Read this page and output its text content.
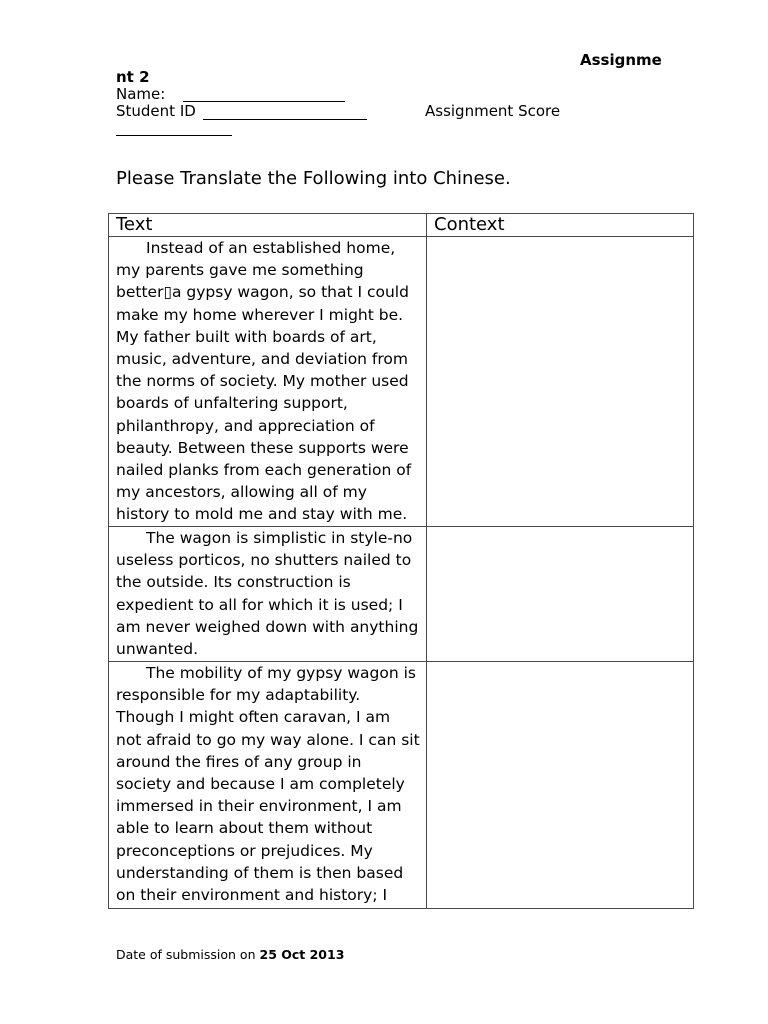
Assignme
nt 2
Name:
Student ID	Assignment Score
Please Translate the Following into Chinese.
Text	Context
Instead of an established home,
my parents gave me something
better▯a gypsy wagon, so that I could
make my home wherever I might be.
My father built with boards of art,
music, adventure, and deviation from
the norms of society. My mother used
boards of unfaltering support,
philanthropy, and appreciation of
beauty. Between these supports were
nailed planks from each generation of
my ancestors, allowing all of my
history to mold me and stay with me.
The wagon is simplistic in style-no
useless porticos, no shutters nailed to
the outside. Its construction is
expedient to all for which it is used; I
am never weighed down with anything
unwanted.
The mobility of my gypsy wagon is
responsible for my adaptability.
Though I might often caravan, I am
not afraid to go my way alone. I can sit
around the fires of any group in
society and because I am completely
immersed in their environment, I am
able to learn about them without
preconceptions or prejudices. My
understanding of them is then based
on their environment and history; I
Date of submission on 25 Oct 2013
